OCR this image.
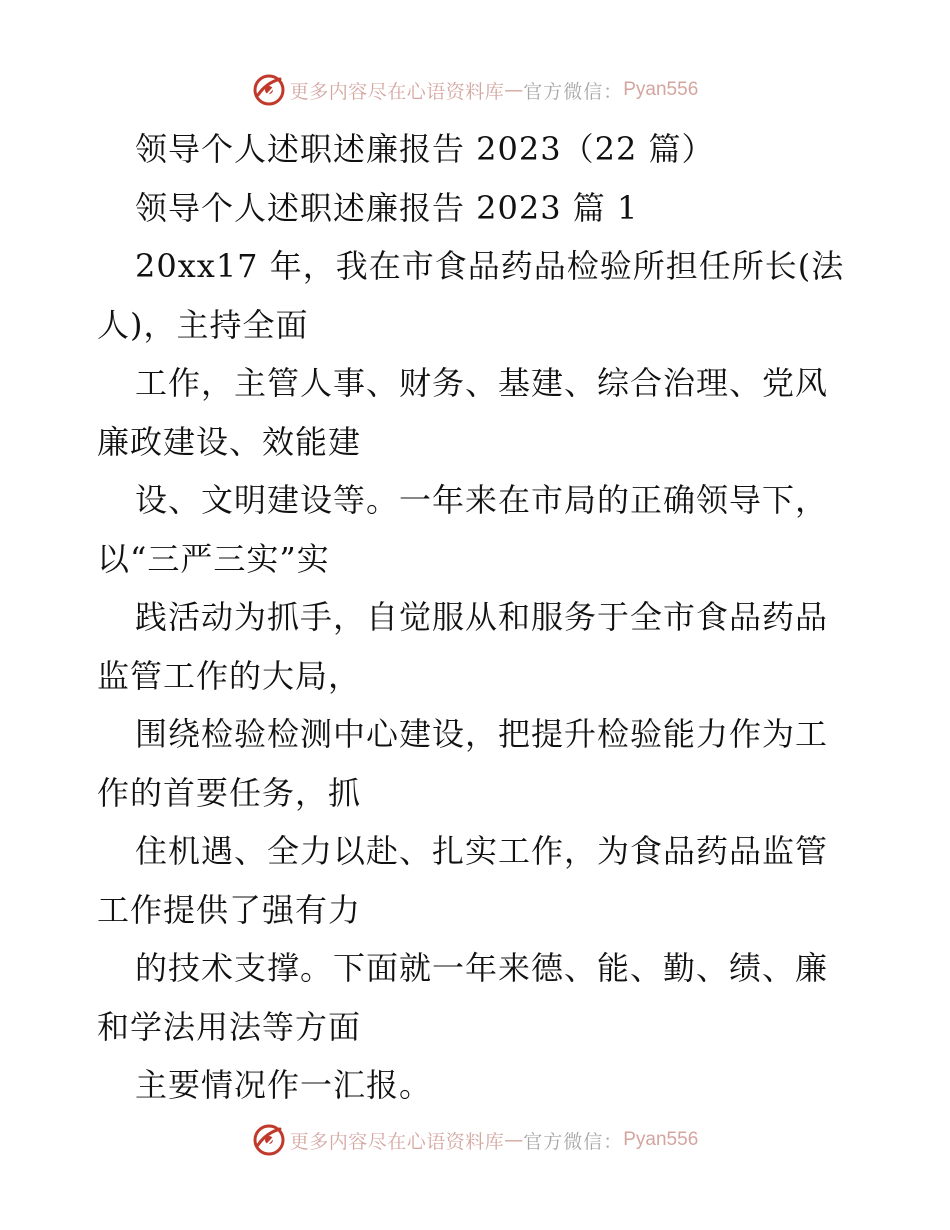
更多内容尽在心语资料库 — 官方微信： Pyan556
领导个人述职述廉报告 2023（22 篇）
领导个人述职述廉报告 2023 篇 1
20xx17 年，我在市食品药品检验所担任所长(法
人)，主持全面
工作，主管人事、财务、基建、综合治理、党风
廉政建设、效能建
设、文明建设等。一年来在市局的正确领导下，
以“三严三实”实
践活动为抓手，自觉服从和服务于全市食品药品
监管工作的大局，
围绕检验检测中心建设，把提升检验能力作为工
作的首要任务，抓
住机遇、全力以赴、扎实工作，为食品药品监管
工作提供了强有力
的技术支撑。下面就一年来德、能、勤、绩、廉
和学法用法等方面
主要情况作一汇报。
更多内容尽在心语资料库 — 官方微信： Pyan556
